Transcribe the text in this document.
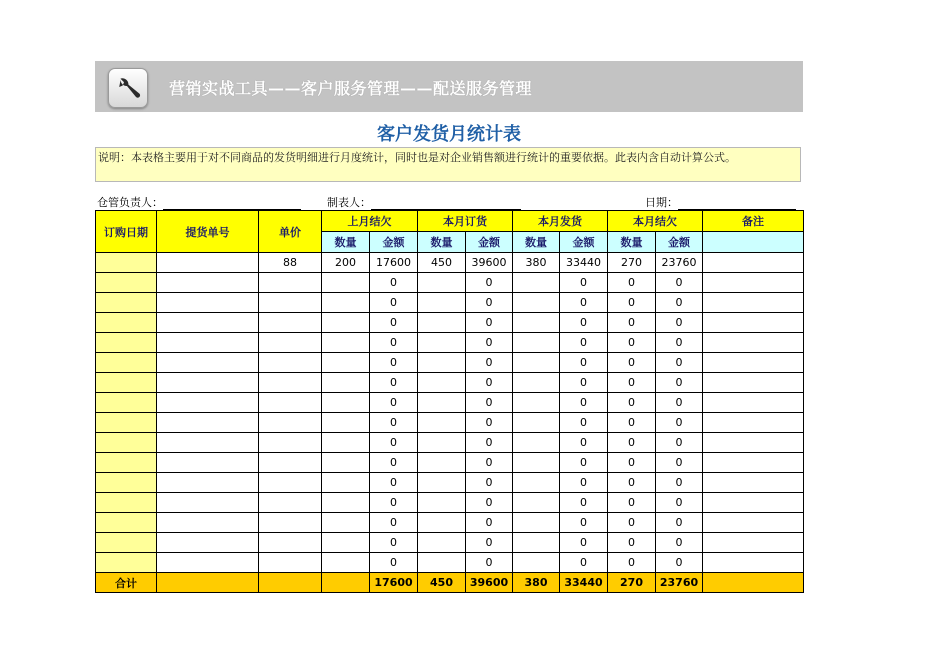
营销实战工具——客户服务管理——配送服务管理
客户发货月统计表
说明：本表格主要用于对不同商品的发货明细进行月度统计，同时也是对企业销售额进行统计的重要依据。此表内含自动计算公式。
仓管负责人：	制表人：	日期：
订购日期	提货单号	单价	上月结欠		本月订货		本月发货		本月结欠		备注
			数量	金额	数量	金额	数量	金额	数量	金额	
		88	200	17600	450	39600	380	33440	270	23760	
				0		0		0	0	0	
				0		0		0	0	0	
				0		0		0	0	0	
				0		0		0	0	0	
				0		0		0	0	0	
				0		0		0	0	0	
				0		0		0	0	0	
				0		0		0	0	0	
				0		0		0	0	0	
				0		0		0	0	0	
				0		0		0	0	0	
				0		0		0	0	0	
				0		0		0	0	0	
				0		0		0	0	0	
				0		0		0	0	0	
合计				17600	450	39600	380	33440	270	23760	
